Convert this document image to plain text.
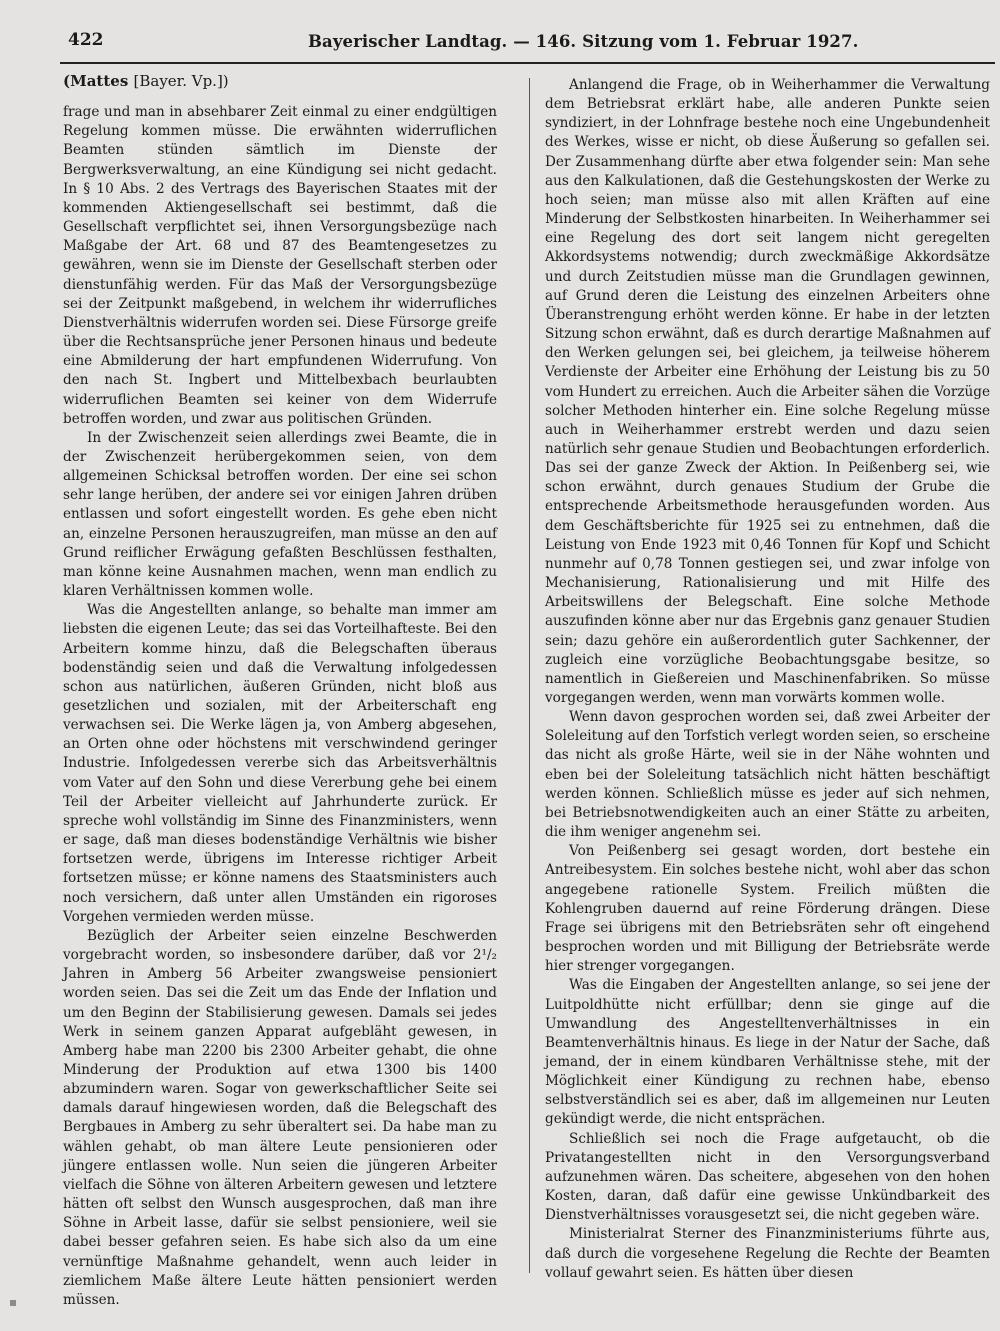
422	Bayerischer Landtag. — 146. Sitzung vom 1. Februar 1927.
(Mattes [Bayer. Vp.])

frage und man in absehbarer Zeit einmal zu einer endgültigen Regelung kommen müsse. Die erwähnten widerruflichen Beamten stünden sämtlich im Dienste der Bergwerksverwaltung, an eine Kündigung sei nicht gedacht. In § 10 Abs. 2 des Vertrags des Bayerischen Staates mit der kommenden Aktiengesellschaft sei bestimmt, daß die Gesellschaft verpflichtet sei, ihnen Versorgungsbezüge nach Maßgabe der Art. 68 und 87 des Beamtengesetzes zu gewähren, wenn sie im Dienste der Gesellschaft sterben oder dienstunfähig werden. Für das Maß der Versorgungsbezüge sei der Zeitpunkt maßgebend, in welchem ihr widerrufliches Dienstverhältnis widerrufen worden sei. Diese Fürsorge greife über die Rechtsansprüche jener Personen hinaus und bedeute eine Abmilderung der hart empfundenen Widerrufung. Von den nach St. Ingbert und Mittelbexbach beurlaubten widerruflichen Beamten sei keiner von dem Widerrufe betroffen worden, und zwar aus politischen Gründen.

In der Zwischenzeit seien allerdings zwei Beamte, die in der Zwischenzeit herübergekommen seien, von dem allgemeinen Schicksal betroffen worden. Der eine sei schon sehr lange herüben, der andere sei vor einigen Jahren drüben entlassen und sofort eingestellt worden. Es gehe eben nicht an, einzelne Personen herauszugreifen, man müsse an den auf Grund reiflicher Erwägung gefaßten Beschlüssen festhalten, man könne keine Ausnahmen machen, wenn man endlich zu klaren Verhältnissen kommen wolle.

Was die Angestellten anlange, so behalte man immer am liebsten die eigenen Leute; das sei das Vorteilhafteste. Bei den Arbeitern komme hinzu, daß die Belegschaften überaus bodenständig seien und daß die Verwaltung infolgedessen schon aus natürlichen, äußeren Gründen, nicht bloß aus gesetzlichen und sozialen, mit der Arbeiterschaft eng verwachsen sei. Die Werke lägen ja, von Amberg abgesehen, an Orten ohne oder höchstens mit verschwindend geringer Industrie. Infolgedessen vererbe sich das Arbeitsverhältnis vom Vater auf den Sohn und diese Vererbung gehe bei einem Teil der Arbeiter vielleicht auf Jahrhunderte zurück. Er spreche wohl vollständig im Sinne des Finanzministers, wenn er sage, daß man dieses bodenständige Verhältnis wie bisher fortsetzen werde, übrigens im Interesse richtiger Arbeit fortsetzen müsse; er könne namens des Staatsministers auch noch versichern, daß unter allen Umständen ein rigoroses Vorgehen vermieden werden müsse.

Bezüglich der Arbeiter seien einzelne Beschwerden vorgebracht worden, so insbesondere darüber, daß vor 2¹/₂ Jahren in Amberg 56 Arbeiter zwangsweise pensioniert worden seien. Das sei die Zeit um das Ende der Inflation und um den Beginn der Stabilisierung gewesen. Damals sei jedes Werk in seinem ganzen Apparat aufgebläht gewesen, in Amberg habe man 2200 bis 2300 Arbeiter gehabt, die ohne Minderung der Produktion auf etwa 1300 bis 1400 abzumindern waren. Sogar von gewerkschaftlicher Seite sei damals darauf hingewiesen worden, daß die Belegschaft des Bergbaues in Amberg zu sehr überaltert sei. Da habe man zu wählen gehabt, ob man ältere Leute pensionieren oder jüngere entlassen wolle. Nun seien die jüngeren Arbeiter vielfach die Söhne von älteren Arbeitern gewesen und letztere hätten oft selbst den Wunsch ausgesprochen, daß man ihre Söhne in Arbeit lasse, dafür sie selbst pensioniere, weil sie dabei besser gefahren seien. Es habe sich also da um eine vernünftige Maßnahme gehandelt, wenn auch leider in ziemlichem Maße ältere Leute hätten pensioniert werden müssen.

Anlangend die Frage, ob in Weiherhammer die Verwaltung dem Betriebsrat erklärt habe, alle anderen Punkte seien syndiziert, in der Lohnfrage bestehe noch eine Ungebundenheit des Werkes, wisse er nicht, ob diese Äußerung so gefallen sei. Der Zusammenhang dürfte aber etwa folgender sein: Man sehe aus den Kalkulationen, daß die Gestehungskosten der Werke zu hoch seien; man müsse also mit allen Kräften auf eine Minderung der Selbstkosten hinarbeiten. In Weiherhammer sei eine Regelung des dort seit langem nicht geregelten Akkordsystems notwendig; durch zweckmäßige Akkordsätze und durch Zeitstudien müsse man die Grundlagen gewinnen, auf Grund deren die Leistung des einzelnen Arbeiters ohne Überanstrengung erhöht werden könne. Er habe in der letzten Sitzung schon erwähnt, daß es durch derartige Maßnahmen auf den Werken gelungen sei, bei gleichem, ja teilweise höherem Verdienste der Arbeiter eine Erhöhung der Leistung bis zu 50 vom Hundert zu erreichen. Auch die Arbeiter sähen die Vorzüge solcher Methoden hinterher ein. Eine solche Regelung müsse auch in Weiherhammer erstrebt werden und dazu seien natürlich sehr genaue Studien und Beobachtungen erforderlich. Das sei der ganze Zweck der Aktion. In Peißenberg sei, wie schon erwähnt, durch genaues Studium der Grube die entsprechende Arbeitsmethode herausgefunden worden. Aus dem Geschäftsberichte für 1925 sei zu entnehmen, daß die Leistung von Ende 1923 mit 0,46 Tonnen für Kopf und Schicht nunmehr auf 0,78 Tonnen gestiegen sei, und zwar infolge von Mechanisierung, Rationalisierung und mit Hilfe des Arbeitswillens der Belegschaft. Eine solche Methode auszufinden könne aber nur das Ergebnis ganz genauer Studien sein; dazu gehöre ein außerordentlich guter Sachkenner, der zugleich eine vorzügliche Beobachtungsgabe besitze, so namentlich in Gießereien und Maschinenfabriken. So müsse vorgegangen werden, wenn man vorwärts kommen wolle.

Wenn davon gesprochen worden sei, daß zwei Arbeiter der Soleleitung auf den Torfstich verlegt worden seien, so erscheine das nicht als große Härte, weil sie in der Nähe wohnten und eben bei der Soleleitung tatsächlich nicht hätten beschäftigt werden können. Schließlich müsse es jeder auf sich nehmen, bei Betriebsnotwendigkeiten auch an einer Stätte zu arbeiten, die ihm weniger angenehm sei.

Von Peißenberg sei gesagt worden, dort bestehe ein Antreibesystem. Ein solches bestehe nicht, wohl aber das schon angegebene rationelle System. Freilich müßten die Kohlengruben dauernd auf reine Förderung drängen. Diese Frage sei übrigens mit den Betriebsräten sehr oft eingehend besprochen worden und mit Billigung der Betriebsräte werde hier strenger vorgegangen.

Was die Eingaben der Angestellten anlange, so sei jene der Luitpoldhütte nicht erfüllbar; denn sie ginge auf die Umwandlung des Angestelltenverhältnisses in ein Beamtenverhältnis hinaus. Es liege in der Natur der Sache, daß jemand, der in einem kündbaren Verhältnisse stehe, mit der Möglichkeit einer Kündigung zu rechnen habe, ebenso selbstverständlich sei es aber, daß im allgemeinen nur Leuten gekündigt werde, die nicht entsprächen.

Schließlich sei noch die Frage aufgetaucht, ob die Privatangestellten nicht in den Versorgungsverband aufzunehmen wären. Das scheitere, abgesehen von den hohen Kosten, daran, daß dafür eine gewisse Unkündbarkeit des Dienstverhältnisses vorausgesetzt sei, die nicht gegeben wäre.

Ministerialrat Sterner des Finanzministeriums führte aus, daß durch die vorgesehene Regelung die Rechte der Beamten vollauf gewahrt seien. Es hätten über diesen
